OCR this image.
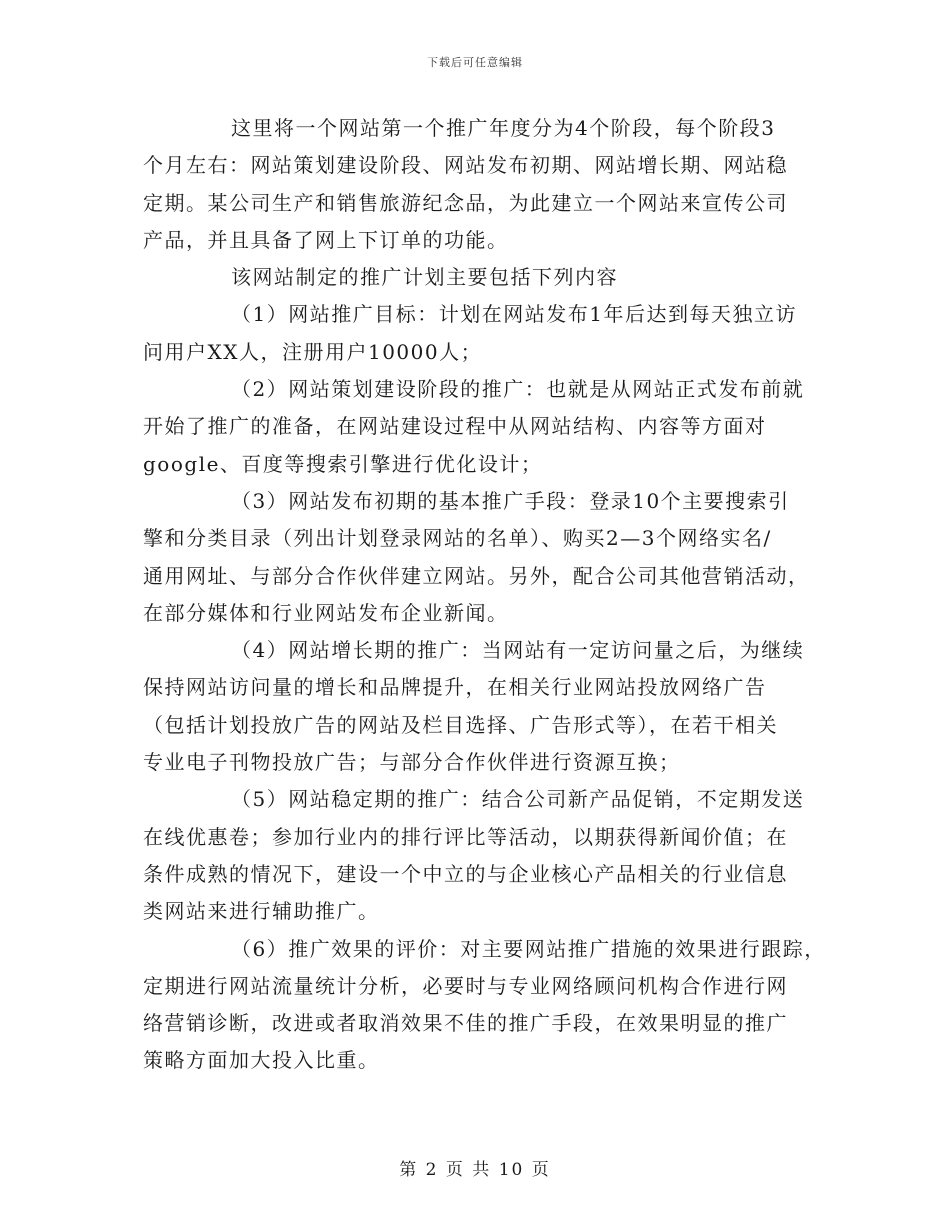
下载后可任意编辑

这里将一个网站第一个推广年度分为4个阶段，每个阶段3
个月左右：网站策划建设阶段、网站发布初期、网站增长期、网站稳
定期。某公司生产和销售旅游纪念品，为此建立一个网站来宣传公司
产品，并且具备了网上下订单的功能。

该网站制定的推广计划主要包括下列内容

（1）网站推广目标：计划在网站发布1年后达到每天独立访
问用户XX人，注册用户10000人；

（2）网站策划建设阶段的推广：也就是从网站正式发布前就
开始了推广的准备，在网站建设过程中从网站结构、内容等方面对
google、百度等搜索引擎进行优化设计；

（3）网站发布初期的基本推广手段：登录10个主要搜索引
擎和分类目录（列出计划登录网站的名单）、购买2—3个网络实名/
通用网址、与部分合作伙伴建立网站。另外，配合公司其他营销活动，
在部分媒体和行业网站发布企业新闻。

（4）网站增长期的推广：当网站有一定访问量之后，为继续
保持网站访问量的增长和品牌提升，在相关行业网站投放网络广告
（包括计划投放广告的网站及栏目选择、广告形式等），在若干相关
专业电子刊物投放广告；与部分合作伙伴进行资源互换；

（5）网站稳定期的推广：结合公司新产品促销，不定期发送
在线优惠卷；参加行业内的排行评比等活动，以期获得新闻价值；在
条件成熟的情况下，建设一个中立的与企业核心产品相关的行业信息
类网站来进行辅助推广。

（6）推广效果的评价：对主要网站推广措施的效果进行跟踪，
定期进行网站流量统计分析，必要时与专业网络顾问机构合作进行网
络营销诊断，改进或者取消效果不佳的推广手段，在效果明显的推广
策略方面加大投入比重。

第 2 页 共 10 页
